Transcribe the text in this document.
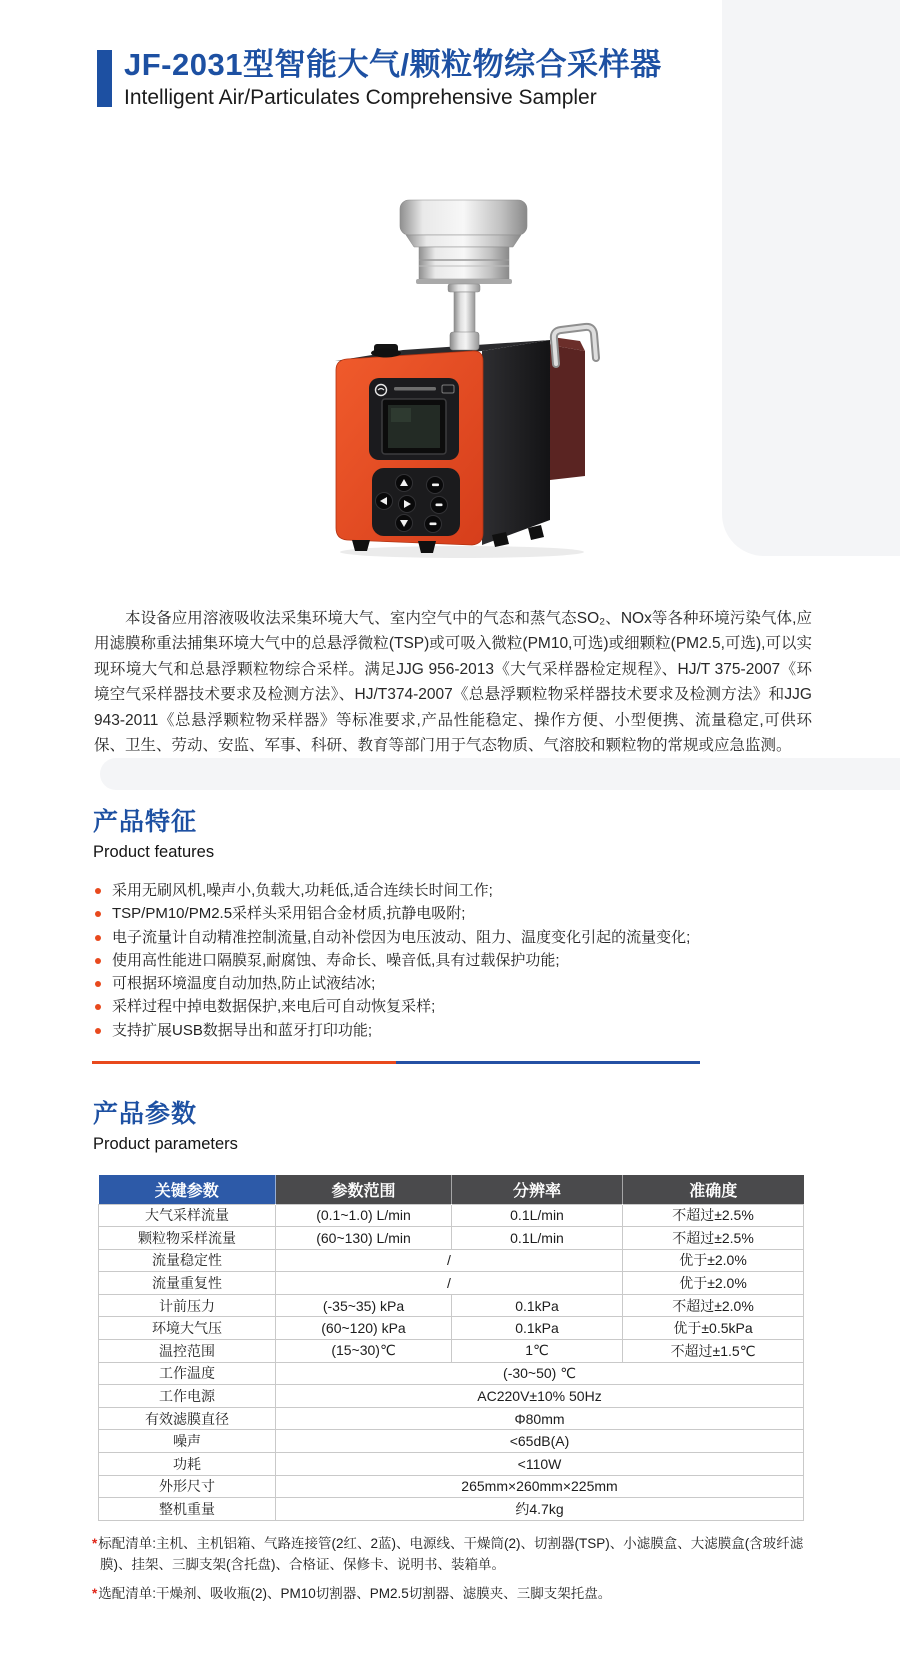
JF-2031型智能大气/颗粒物综合采样器
Intelligent Air/Particulates Comprehensive Sampler

本设备应用溶液吸收法采集环境大气、室内空气中的气态和蒸气态SO₂、NOx等各种环境污染气体,应用滤膜称重法捕集环境大气中的总悬浮微粒(TSP)或可吸入微粒(PM10,可选)或细颗粒(PM2.5,可选),可以实现环境大气和总悬浮颗粒物综合采样。满足JJG 956-2013《大气采样器检定规程》、HJ/T 375-2007《环境空气采样器技术要求及检测方法》、HJ/T374-2007《总悬浮颗粒物采样器技术要求及检测方法》和JJG 943-2011《总悬浮颗粒物采样器》等标准要求,产品性能稳定、操作方便、小型便携、流量稳定,可供环保、卫生、劳动、安监、军事、科研、教育等部门用于气态物质、气溶胶和颗粒物的常规或应急监测。

产品特征
Product features
采用无刷风机,噪声小,负载大,功耗低,适合连续长时间工作;
TSP/PM10/PM2.5采样头采用铝合金材质,抗静电吸附;
电子流量计自动精准控制流量,自动补偿因为电压波动、阻力、温度变化引起的流量变化;
使用高性能进口隔膜泵,耐腐蚀、寿命长、噪音低,具有过载保护功能;
可根据环境温度自动加热,防止试液结冰;
采样过程中掉电数据保护,来电后可自动恢复采样;
支持扩展USB数据导出和蓝牙打印功能;
产品参数
Product parameters
关键参数	参数范围	分辨率	准确度
大气采样流量	(0.1~1.0) L/min	0.1L/min	不超过±2.5%
颗粒物采样流量	(60~130) L/min	0.1L/min	不超过±2.5%
流量稳定性	/		优于±2.0%
流量重复性	/		优于±2.0%
计前压力	(-35~35) kPa	0.1kPa	不超过±2.0%
环境大气压	(60~120) kPa	0.1kPa	优于±0.5kPa
温控范围	(15~30)℃	1℃	不超过±1.5℃
工作温度	(-30~50) ℃		
工作电源	AC220V±10% 50Hz		
有效滤膜直径	Φ80mm		
噪声	<65dB(A)		
功耗	<110W		
外形尺寸	265mm×260mm×225mm		
整机重量	约4.7kg		
*标配清单:主机、主机铝箱、气路连接管(2红、2蓝)、电源线、干燥筒(2)、切割器(TSP)、小滤膜盒、大滤膜盒(含玻纤滤膜)、挂架、三脚支架(含托盘)、合格证、保修卡、说明书、装箱单。
*选配清单:干燥剂、吸收瓶(2)、PM10切割器、PM2.5切割器、滤膜夹、三脚支架托盘。
